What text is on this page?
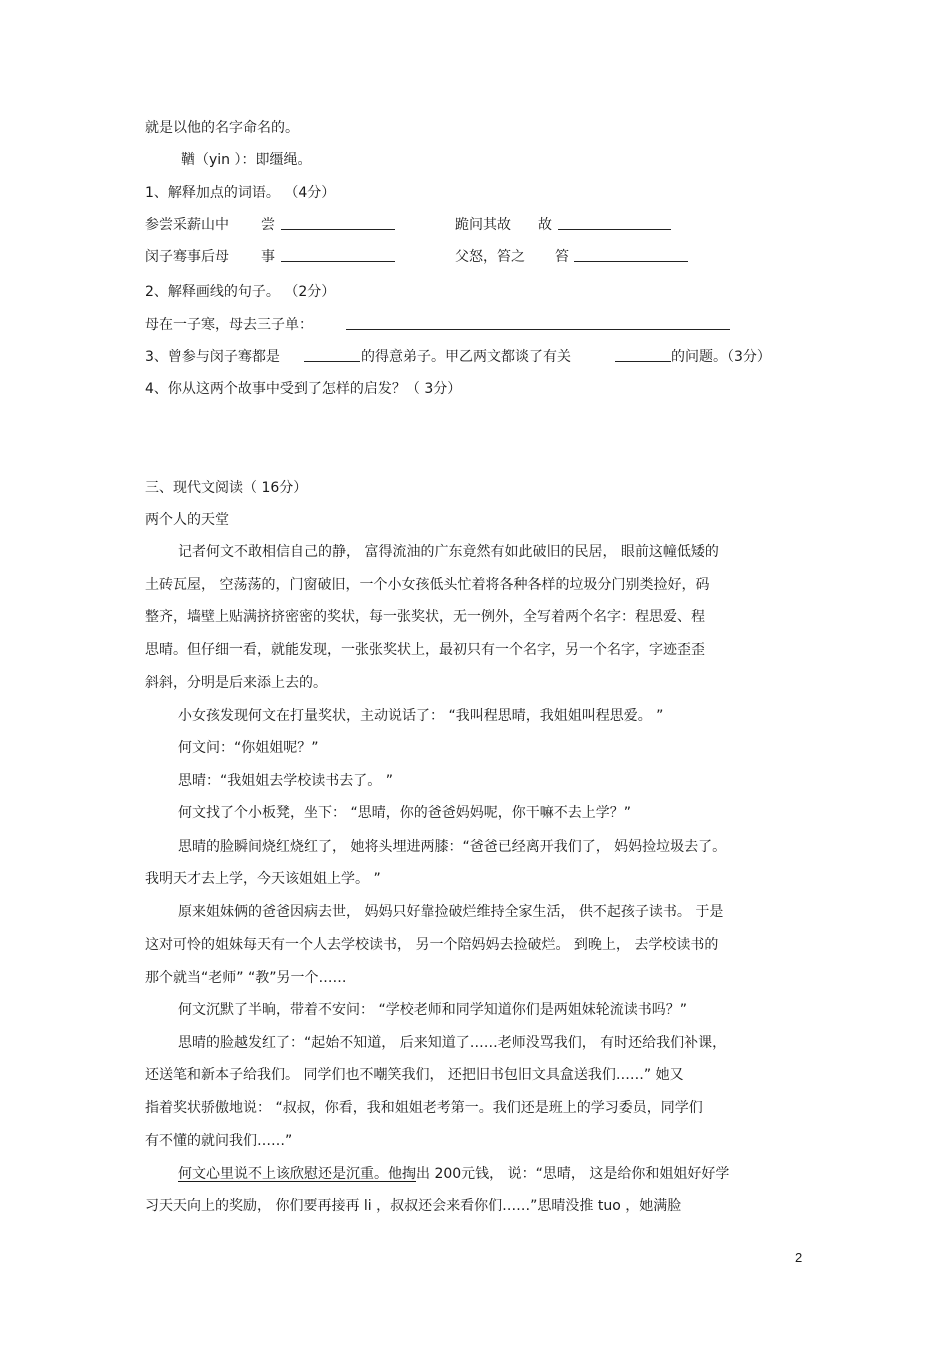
就是以他的名字命名的。
鞧（yin ）：即缰绳。
1、解释加点的词语。 （4分）
参尝采薪山中 尝	跪问其故 故
闵子骞事后母 事	父怒，笞之 笞
2、解释画线的句子。 （2分）
母在一子寒，母去三子单：
3、曾参与闵子骞都是	的得意弟子。甲乙两文都谈了有关	的问题。（3分）
4、你从这两个故事中受到了怎样的启发？（ 3分）
三、现代文阅读（ 16分）
两个人的天堂
记者何文不敢相信自己的静， 富得流油的广东竟然有如此破旧的民居， 眼前这幢低矮的
土砖瓦屋， 空荡荡的，门窗破旧，一个小女孩低头忙着将各种各样的垃圾分门别类捡好，码
整齐，墙壁上贴满挤挤密密的奖状，每一张奖状，无一例外，全写着两个名字：程思爱、程
思晴。但仔细一看，就能发现，一张张奖状上，最初只有一个名字，另一个名字，字迹歪歪
斜斜，分明是后来添上去的。
小女孩发现何文在打量奖状，主动说话了： “我叫程思晴，我姐姐叫程思爱。 ”
何文问：“你姐姐呢？”
思晴：“我姐姐去学校读书去了。 ”
何文找了个小板凳，坐下： “思晴，你的爸爸妈妈呢，你干嘛不去上学？”
思晴的脸瞬间烧红烧红了， 她将头埋进两膝：“爸爸已经离开我们了， 妈妈捡垃圾去了。
我明天才去上学，今天该姐姐上学。 ”
原来姐妹俩的爸爸因病去世， 妈妈只好靠捡破烂维持全家生活， 供不起孩子读书。 于是
这对可怜的姐妹每天有一个人去学校读书， 另一个陪妈妈去捡破烂。 到晚上， 去学校读书的
那个就当“老师” “教”另一个……
何文沉默了半晌，带着不安问： “学校老师和同学知道你们是两姐妹轮流读书吗？”
思晴的脸越发红了：“起始不知道， 后来知道了……老师没骂我们， 有时还给我们补课，
还送笔和新本子给我们。 同学们也不嘲笑我们， 还把旧书包旧文具盒送我们……” 她又
指着奖状骄傲地说： “叔叔，你看，我和姐姐老考第一。我们还是班上的学习委员，同学们
有不懂的就问我们……”
何文心里说不上该欣慰还是沉重。他掏出 200元钱， 说：“思晴， 这是给你和姐姐好好学
习天天向上的奖励， 你们要再接再 li ，叔叔还会来看你们……”思晴没推 tuo ，她满脸
2
